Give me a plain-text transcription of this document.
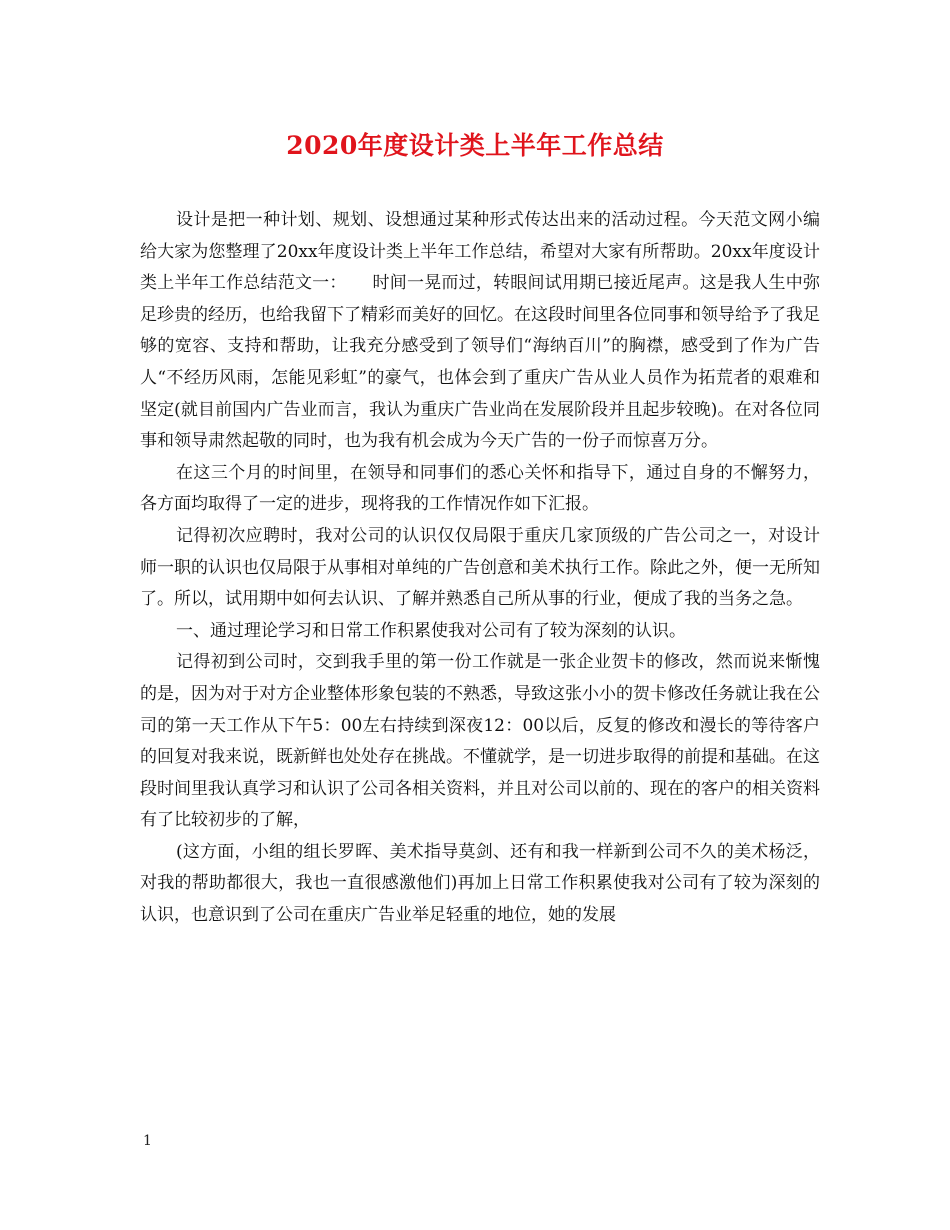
2020年度设计类上半年工作总结

设计是把一种计划、规划、设想通过某种形式传达出来的活动过程。今天范文网小编给大家为您整理了20xx年度设计类上半年工作总结，希望对大家有所帮助。20xx年度设计类上半年工作总结范文一：　　时间一晃而过，转眼间试用期已接近尾声。这是我人生中弥足珍贵的经历，也给我留下了精彩而美好的回忆。在这段时间里各位同事和领导给予了我足够的宽容、支持和帮助，让我充分感受到了领导们“海纳百川”的胸襟，感受到了作为广告人“不经历风雨，怎能见彩虹”的豪气，也体会到了重庆广告从业人员作为拓荒者的艰难和坚定(就目前国内广告业而言，我认为重庆广告业尚在发展阶段并且起步较晚)。在对各位同事和领导肃然起敬的同时，也为我有机会成为今天广告的一份子而惊喜万分。

在这三个月的时间里，在领导和同事们的悉心关怀和指导下，通过自身的不懈努力，各方面均取得了一定的进步，现将我的工作情况作如下汇报。

记得初次应聘时，我对公司的认识仅仅局限于重庆几家顶级的广告公司之一，对设计师一职的认识也仅局限于从事相对单纯的广告创意和美术执行工作。除此之外，便一无所知了。所以，试用期中如何去认识、了解并熟悉自己所从事的行业，便成了我的当务之急。

一、通过理论学习和日常工作积累使我对公司有了较为深刻的认识。

记得初到公司时，交到我手里的第一份工作就是一张企业贺卡的修改，然而说来惭愧的是，因为对于对方企业整体形象包装的不熟悉，导致这张小小的贺卡修改任务就让我在公司的第一天工作从下午5：00左右持续到深夜12：00以后，反复的修改和漫长的等待客户的回复对我来说，既新鲜也处处存在挑战。不懂就学，是一切进步取得的前提和基础。在这段时间里我认真学习和认识了公司各相关资料，并且对公司以前的、现在的客户的相关资料有了比较初步的了解，

(这方面，小组的组长罗晖、美术指导莫剑、还有和我一样新到公司不久的美术杨泛，对我的帮助都很大，我也一直很感激他们)再加上日常工作积累使我对公司有了较为深刻的认识，也意识到了公司在重庆广告业举足轻重的地位，她的发展

1
